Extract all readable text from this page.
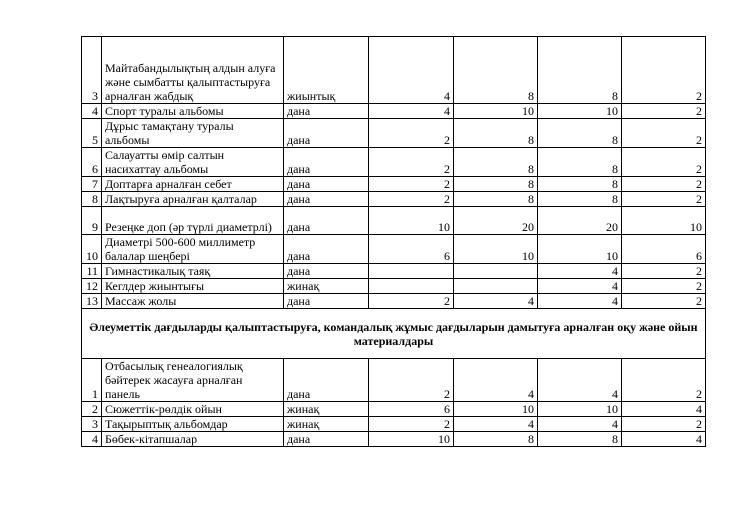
3	Майтабандылықтың алдын алуға және сымбатты қалыптастыруға арналған жабдық	жиынтық	4	8	8	2
4	Спорт туралы альбомы	дана	4	10	10	2
5	Дұрыс тамақтану туралы альбомы	дана	2	8	8	2
6	Салауатты өмір салтын насихаттау альбомы	дана	2	8	8	2
7	Доптарға арналған себет	дана	2	8	8	2
8	Лақтыруға арналған қалталар	дана	2	8	8	2
9	Резеңке доп (әр түрлі диаметрлі)	дана	10	20	20	10
10	Диаметрі 500-600 миллиметр балалар шеңбері	дана	6	10	10	6
11	Гимнастикалық таяқ	дана			4	2
12	Кеглдер жиынтығы	жинақ			4	2
13	Массаж жолы	дана	2	4	4	2
Әлеуметтік дағдыларды қалыптастыруға, командалық жұмыс дағдыларын дамытуға арналған оқу және ойын материалдары						
1	Отбасылық генеалогиялық бәйтерек жасауға арналған панель	дана	2	4	4	2
2	Сюжеттік-рөлдік ойын	жинақ	6	10	10	4
3	Тақырыптық альбомдар	жинақ	2	4	4	2
4	Бөбек-кітапшалар	дана	10	8	8	4
